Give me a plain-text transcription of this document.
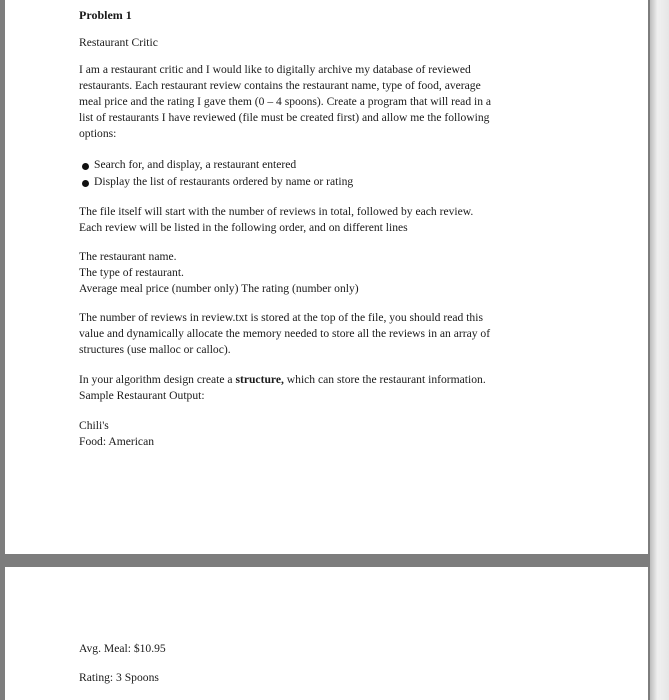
Problem 1
Restaurant Critic
I am a restaurant critic and I would like to digitally archive my database of reviewed
restaurants. Each restaurant review contains the restaurant name, type of food, average
meal price and the rating I gave them (0 – 4 spoons). Create a program that will read in a
list of restaurants I have reviewed (file must be created first) and allow me the following
options:
Search for, and display, a restaurant entered
Display the list of restaurants ordered by name or rating
The file itself will start with the number of reviews in total, followed by each review.
Each review will be listed in the following order, and on different lines
The restaurant name.
The type of restaurant.
Average meal price (number only) The rating (number only)
The number of reviews in review.txt is stored at the top of the file, you should read this
value and dynamically allocate the memory needed to store all the reviews in an array of
structures (use malloc or calloc).
In your algorithm design create a structure, which can store the restaurant information.
Sample Restaurant Output:
Chili's
Food: American
Avg. Meal: $10.95
Rating: 3 Spoons
